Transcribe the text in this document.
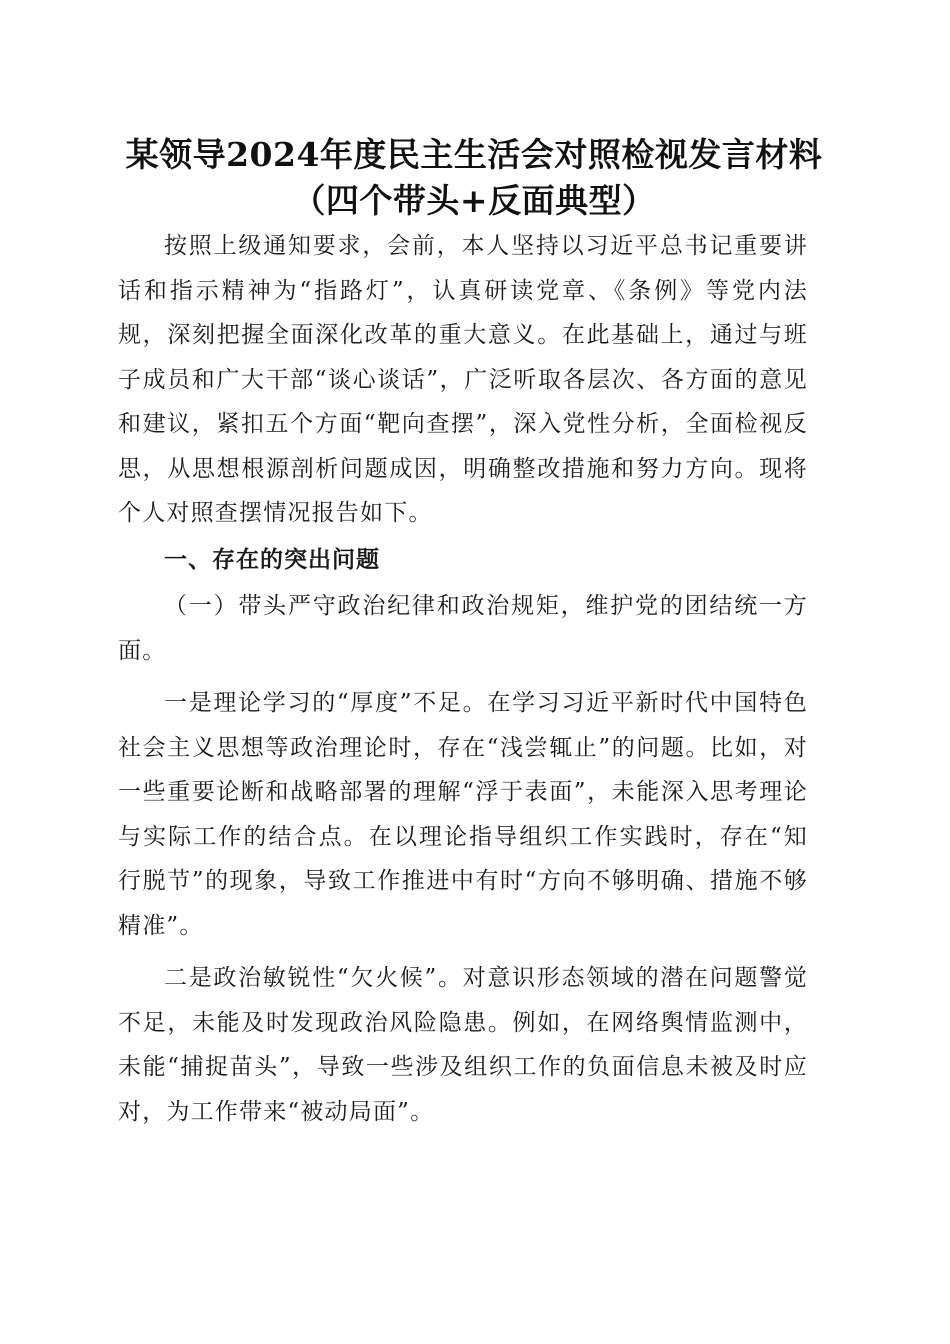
某领导2024年度民主生活会对照检视发言材料（四个带头+反面典型）

按照上级通知要求，会前，本人坚持以习近平总书记重要讲话和指示精神为“指路灯”，认真研读党章、《条例》等党内法规，深刻把握全面深化改革的重大意义。在此基础上，通过与班子成员和广大干部“谈心谈话”，广泛听取各层次、各方面的意见和建议，紧扣五个方面“靶向查摆”，深入党性分析，全面检视反思，从思想根源剖析问题成因，明确整改措施和努力方向。现将个人对照查摆情况报告如下。

一、存在的突出问题

（一）带头严守政治纪律和政治规矩，维护党的团结统一方面。

一是理论学习的“厚度”不足。在学习习近平新时代中国特色社会主义思想等政治理论时，存在“浅尝辄止”的问题。比如，对一些重要论断和战略部署的理解“浮于表面”，未能深入思考理论与实际工作的结合点。在以理论指导组织工作实践时，存在“知行脱节”的现象，导致工作推进中有时“方向不够明确、措施不够精准”。

二是政治敏锐性“欠火候”。对意识形态领域的潜在问题警觉不足，未能及时发现政治风险隐患。例如，在网络舆情监测中，未能“捕捉苗头”，导致一些涉及组织工作的负面信息未被及时应对，为工作带来“被动局面”。
